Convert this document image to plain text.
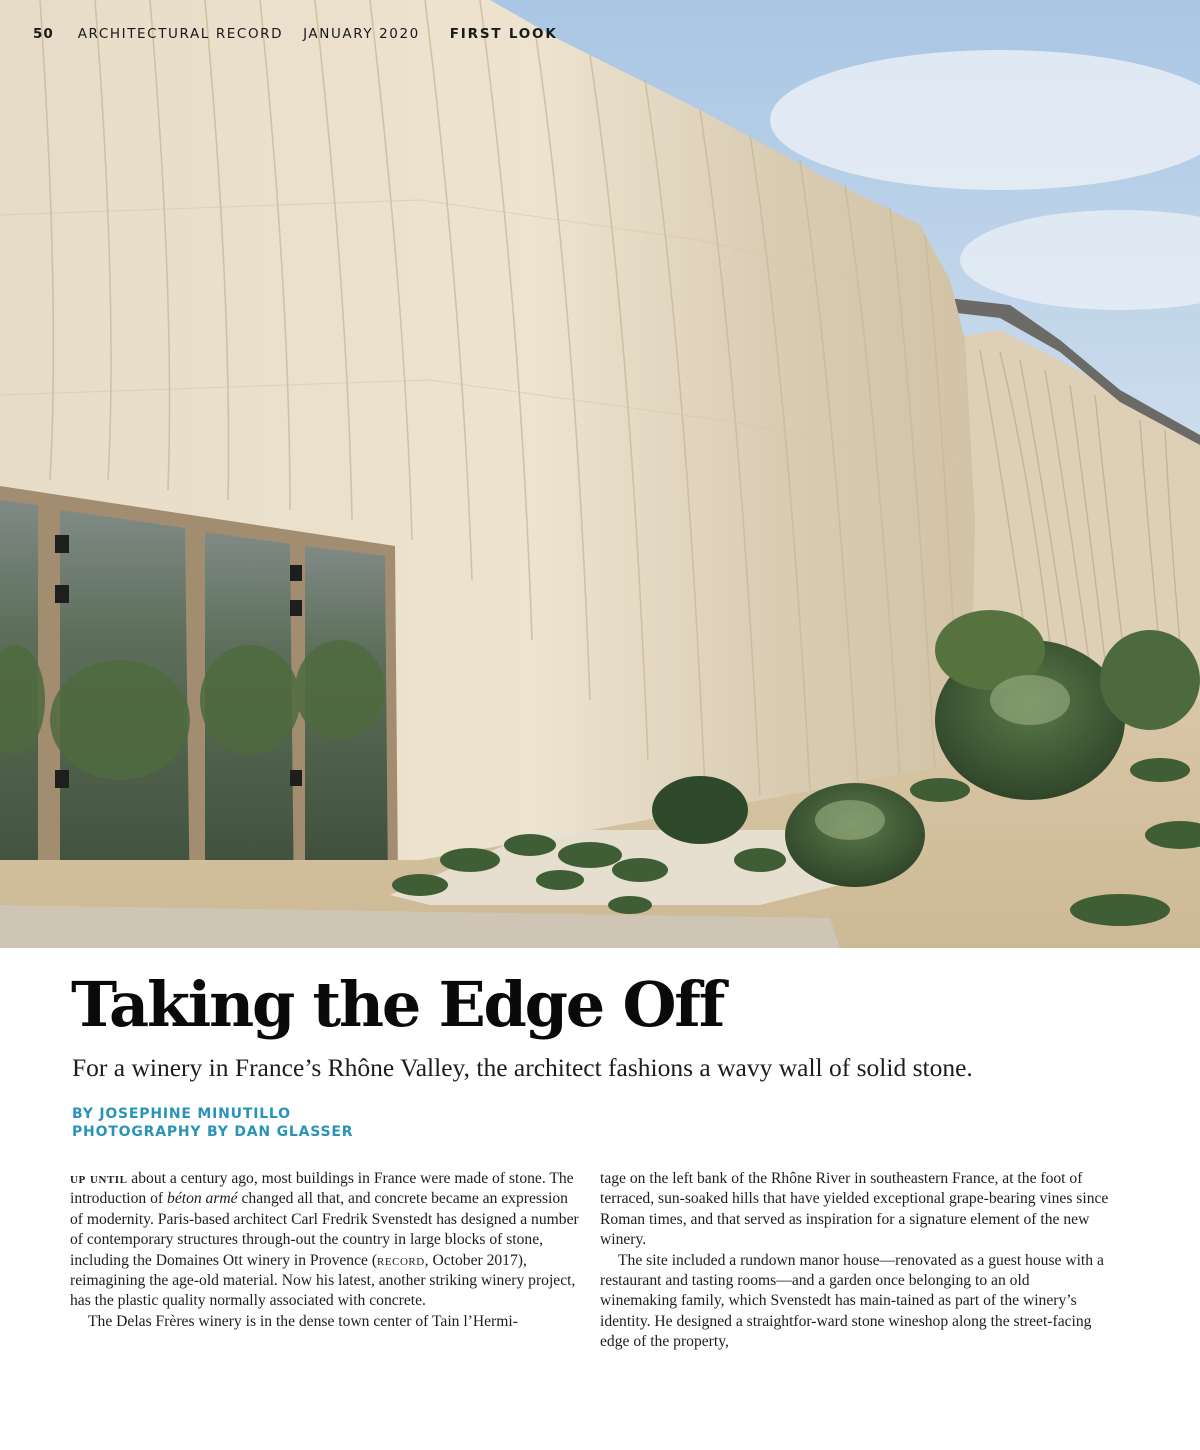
50 ARCHITECTURAL RECORD JANUARY 2020 FIRST LOOK
Taking the Edge Off

For a winery in France’s Rhône Valley, the architect fashions a wavy wall of solid stone.

BY JOSEPHINE MINUTILLO
PHOTOGRAPHY BY DAN GLASSER

up until about a century ago, most buildings in France were made of stone. The introduction of béton armé changed all that, and concrete became an expression of modernity. Paris-based architect Carl Fredrik Svenstedt has designed a number of contemporary structures through-out the country in large blocks of stone, including the Domaines Ott winery in Provence (record, October 2017), reimagining the age-old material. Now his latest, another striking winery project, has the plastic quality normally associated with concrete.

The Delas Frères winery is in the dense town center of Tain l’Hermi-

tage on the left bank of the Rhône River in southeastern France, at the foot of terraced, sun-soaked hills that have yielded exceptional grape-bearing vines since Roman times, and that served as inspiration for a signature element of the new winery.

The site included a rundown manor house—renovated as a guest house with a restaurant and tasting rooms—and a garden once belonging to an old winemaking family, which Svenstedt has main-tained as part of the winery’s identity. He designed a straightfor-ward stone wineshop along the street-facing edge of the property,
